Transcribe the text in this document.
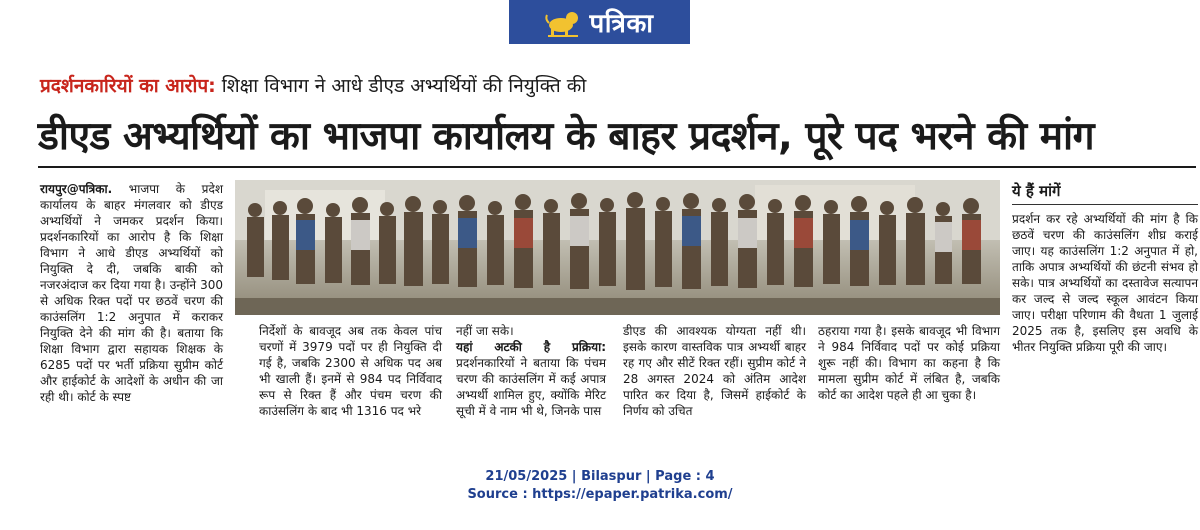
पत्रिका
प्रदर्शनकारियों का आरोप: शिक्षा विभाग ने आधे डीएड अभ्यर्थियों की नियुक्ति की
डीएड अभ्यर्थियों का भाजपा कार्यालय के बाहर प्रदर्शन, पूरे पद भरने की मांग
रायपुर@पत्रिका. भाजपा के प्रदेश कार्यालय के बाहर मंगलवार को डीएड अभ्यर्थियों ने जमकर प्रदर्शन किया। प्रदर्शनकारियों का आरोप है कि शिक्षा विभाग ने आधे डीएड अभ्यर्थियों को नियुक्ति दे दी, जबकि बाकी को नजरअंदाज कर दिया गया है। उन्होंने 300 से अधिक रिक्त पदों पर छठवें चरण की काउंसलिंग 1:2 अनुपात में कराकर नियुक्ति देने की मांग की है। बताया कि शिक्षा विभाग द्वारा सहायक शिक्षक के 6285 पदों पर भर्ती प्रक्रिया सुप्रीम कोर्ट और हाईकोर्ट के आदेशों के अधीन की जा रही थी। कोर्ट के स्पष्ट
निर्देशों के बावजूद अब तक केवल पांच चरणों में 3979 पदों पर ही नियुक्ति दी गई है, जबकि 2300 से अधिक पद अब भी खाली हैं। इनमें से 984 पद निर्विवाद रूप से रिक्त हैं और पंचम चरण की काउंसलिंग के बाद भी 1316 पद भरे
नहीं जा सके।
यहां अटकी है प्रक्रिया: प्रदर्शनकारियों ने बताया कि पंचम चरण की काउंसलिंग में कई अपात्र अभ्यर्थी शामिल हुए, क्योंकि मेरिट सूची में वे नाम भी थे, जिनके पास
डीएड की आवश्यक योग्यता नहीं थी। इसके कारण वास्तविक पात्र अभ्यर्थी बाहर रह गए और सीटें रिक्त रहीं। सुप्रीम कोर्ट ने 28 अगस्त 2024 को अंतिम आदेश पारित कर दिया है, जिसमें हाईकोर्ट के निर्णय को उचित
ठहराया गया है। इसके बावजूद भी विभाग ने 984 निर्विवाद पदों पर कोई प्रक्रिया शुरू नहीं की। विभाग का कहना है कि मामला सुप्रीम कोर्ट में लंबित है, जबकि कोर्ट का आदेश पहले ही आ चुका है।
ये हैं मांगें
प्रदर्शन कर रहे अभ्यर्थियों की मांग है कि छठवें चरण की काउंसलिंग शीघ्र कराई जाए। यह काउंसलिंग 1:2 अनुपात में हो, ताकि अपात्र अभ्यर्थियों की छंटनी संभव हो सके। पात्र अभ्यर्थियों का दस्तावेज सत्यापन कर जल्द से जल्द स्कूल आवंटन किया जाए। परीक्षा परिणाम की वैधता 1 जुलाई 2025 तक है, इसलिए इस अवधि के भीतर नियुक्ति प्रक्रिया पूरी की जाए।
21/05/2025 | Bilaspur | Page : 4
Source : https://epaper.patrika.com/
